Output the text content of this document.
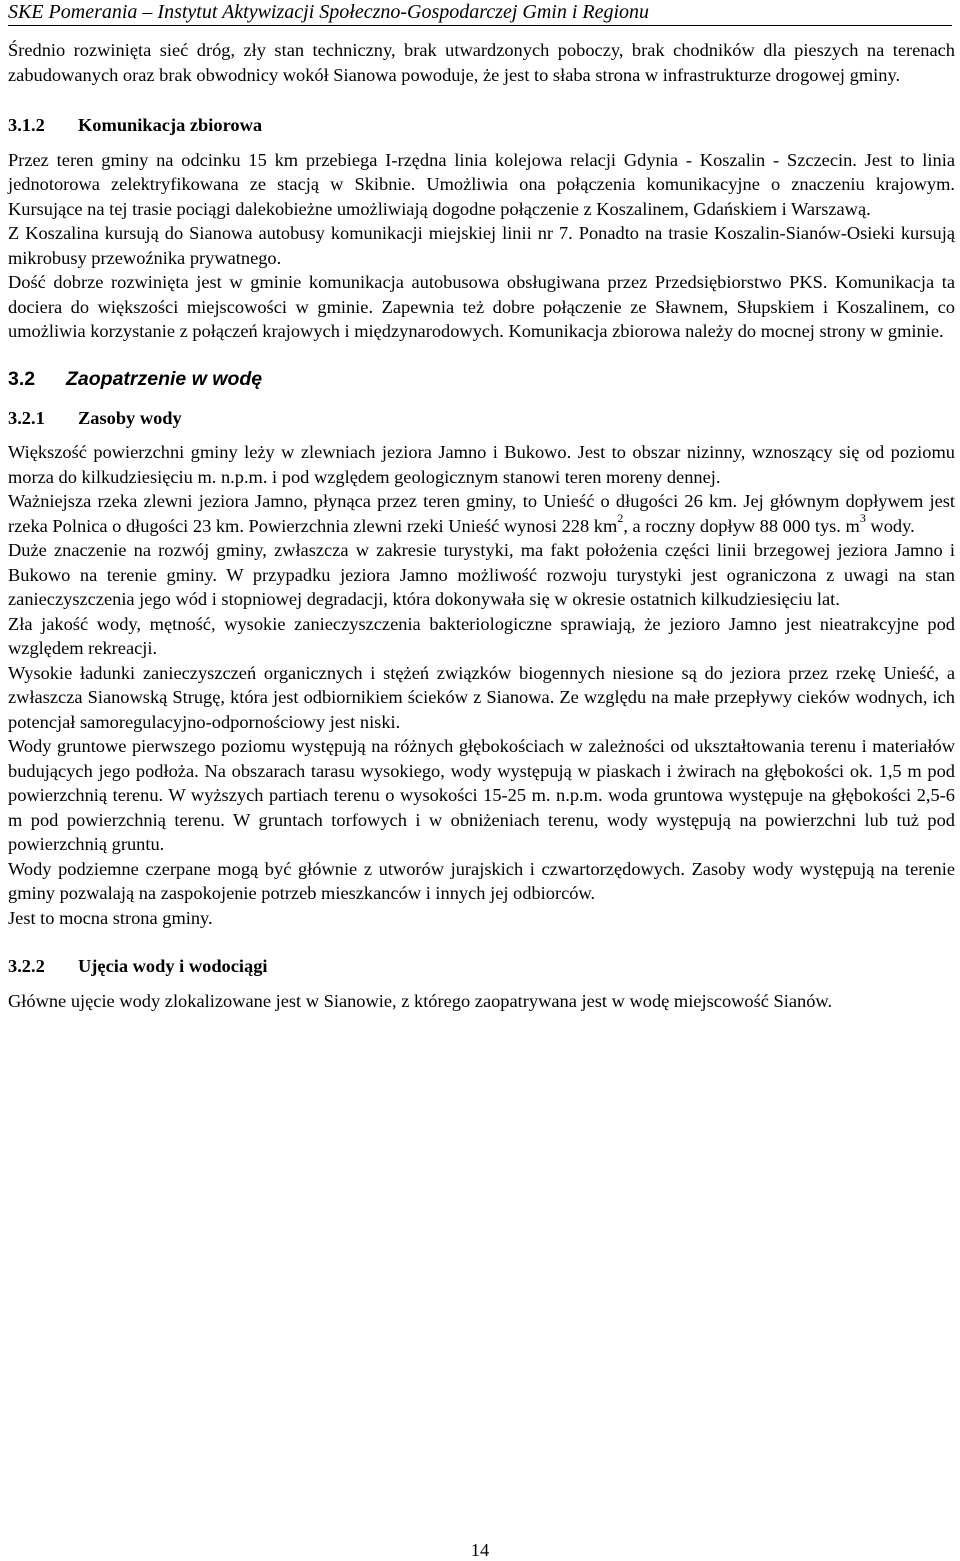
SKE Pomerania – Instytut Aktywizacji Społeczno-Gospodarczej Gmin i Regionu

Średnio rozwinięta sieć dróg, zły stan techniczny, brak utwardzonych poboczy, brak chodników dla pieszych na terenach zabudowanych oraz brak obwodnicy wokół Sianowa powoduje, że jest to słaba strona w infrastrukturze drogowej gminy.

3.1.2 Komunikacja zbiorowa

Przez teren gminy na odcinku 15 km przebiega I-rzędna linia kolejowa relacji Gdynia - Koszalin - Szczecin. Jest to linia jednotorowa zelektryfikowana ze stacją w Skibnie. Umożliwia ona połączenia komunikacyjne o znaczeniu krajowym. Kursujące na tej trasie pociągi dalekobieżne umożliwiają dogodne połączenie z Koszalinem, Gdańskiem i Warszawą.

Z Koszalina kursują do Sianowa autobusy komunikacji miejskiej linii nr 7. Ponadto na trasie Koszalin-Sianów-Osieki kursują mikrobusy przewoźnika prywatnego.

Dość dobrze rozwinięta jest w gminie komunikacja autobusowa obsługiwana przez Przedsiębiorstwo PKS. Komunikacja ta dociera do większości miejscowości w gminie. Zapewnia też dobre połączenie ze Sławnem, Słupskiem i Koszalinem, co umożliwia korzystanie z połączeń krajowych i międzynarodowych. Komunikacja zbiorowa należy do mocnej strony w gminie.

3.2 Zaopatrzenie w wodę
3.2.1 Zasoby wody

Większość powierzchni gminy leży w zlewniach jeziora Jamno i Bukowo. Jest to obszar nizinny, wznoszący się od poziomu morza do kilkudziesięciu m. n.p.m. i pod względem geologicznym stanowi teren moreny dennej.

Ważniejsza rzeka zlewni jeziora Jamno, płynąca przez teren gminy, to Unieść o długości 26 km. Jej głównym dopływem jest rzeka Polnica o długości 23 km. Powierzchnia zlewni rzeki Unieść wynosi 228 $km^2$, a roczny dopływ 88 000 tys. $m^3$ wody.

Duże znaczenie na rozwój gminy, zwłaszcza w zakresie turystyki, ma fakt położenia części linii brzegowej jeziora Jamno i Bukowo na terenie gminy. W przypadku jeziora Jamno możliwość rozwoju turystyki jest ograniczona z uwagi na stan zanieczyszczenia jego wód i stopniowej degradacji, która dokonywała się w okresie ostatnich kilkudziesięciu lat.

Zła jakość wody, mętność, wysokie zanieczyszczenia bakteriologiczne sprawiają, że jezioro Jamno jest nieatrakcyjne pod względem rekreacji.

Wysokie ładunki zanieczyszczeń organicznych i stężeń związków biogennych niesione są do jeziora przez rzekę Unieść, a zwłaszcza Sianowską Strugę, która jest odbiornikiem ścieków z Sianowa. Ze względu na małe przepływy cieków wodnych, ich potencjał samoregulacyjno-odpornościowy jest niski.

Wody gruntowe pierwszego poziomu występują na różnych głębokościach w zależności od ukształtowania terenu i materiałów budujących jego podłoża. Na obszarach tarasu wysokiego, wody występują w piaskach i żwirach na głębokości ok. 1,5 m pod powierzchnią terenu. W wyższych partiach terenu o wysokości 15-25 m. n.p.m. woda gruntowa występuje na głębokości 2,5-6 m pod powierzchnią terenu. W gruntach torfowych i w obniżeniach terenu, wody występują na powierzchni lub tuż pod powierzchnią gruntu.

Wody podziemne czerpane mogą być głównie z utworów jurajskich i czwartorzędowych. Zasoby wody występują na terenie gminy pozwalają na zaspokojenie potrzeb mieszkanców i innych jej odbiorców.

Jest to mocna strona gminy.

3.2.2 Ujęcia wody i wodociągi

Główne ujęcie wody zlokalizowane jest w Sianowie, z którego zaopatrywana jest w wodę miejscowość Sianów.

14
